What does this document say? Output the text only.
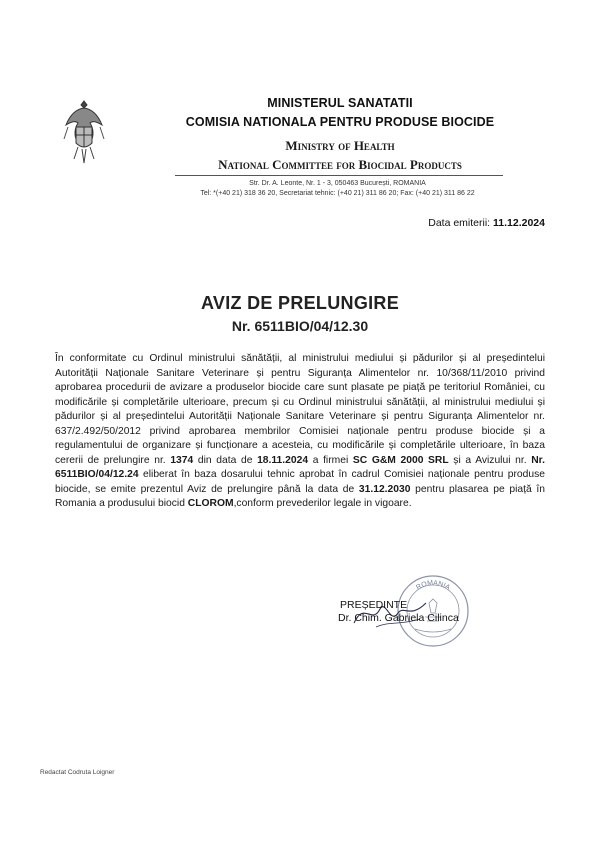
MINISTERUL SANATATII
COMISIA NATIONALA PENTRU PRODUSE BIOCIDE
Ministry of Health
National Committee for Biocidal Products
Str. Dr. A. Leonte, Nr. 1 - 3, 050463 București, ROMANIA
Tel: *(+40 21) 318 36 20, Secretariat tehnic: (+40 21) 311 86 20; Fax: (+40 21) 311 86 22
Data emiterii: 11.12.2024
AVIZ DE PRELUNGIRE
Nr. 6511BIO/04/12.30
În conformitate cu Ordinul ministrului sănătății, al ministrului mediului și pădurilor și al președintelui Autorității Naționale Sanitare Veterinare și pentru Siguranța Alimentelor nr. 10/368/11/2010 privind aprobarea procedurii de avizare a produselor biocide care sunt plasate pe piață pe teritoriul României, cu modificările și completările ulterioare, precum și cu Ordinul ministrului sănătății, al ministrului mediului și pădurilor și al președintelui Autorității Naționale Sanitare Veterinare și pentru Siguranța Alimentelor nr. 637/2.492/50/2012 privind aprobarea membrilor Comisiei naționale pentru produse biocide și a regulamentului de organizare și funcționare a acesteia, cu modificările și completările ulterioare, în baza cererii de prelungire nr. 1374 din data de 18.11.2024 a firmei SC G&M 2000 SRL și a Avizului nr. Nr. 6511BIO/04/12.24 eliberat în baza dosarului tehnic aprobat în cadrul Comisiei naționale pentru produse biocide, se emite prezentul Aviz de prelungire până la data de 31.12.2030 pentru plasarea pe piață în Romania a produsului biocid CLOROM,conform prevederilor legale in vigoare.
ROMANIA
PREȘEDINTE
Dr. Chim. Gabriela Cilinca
Redactat Codruta Loigner
